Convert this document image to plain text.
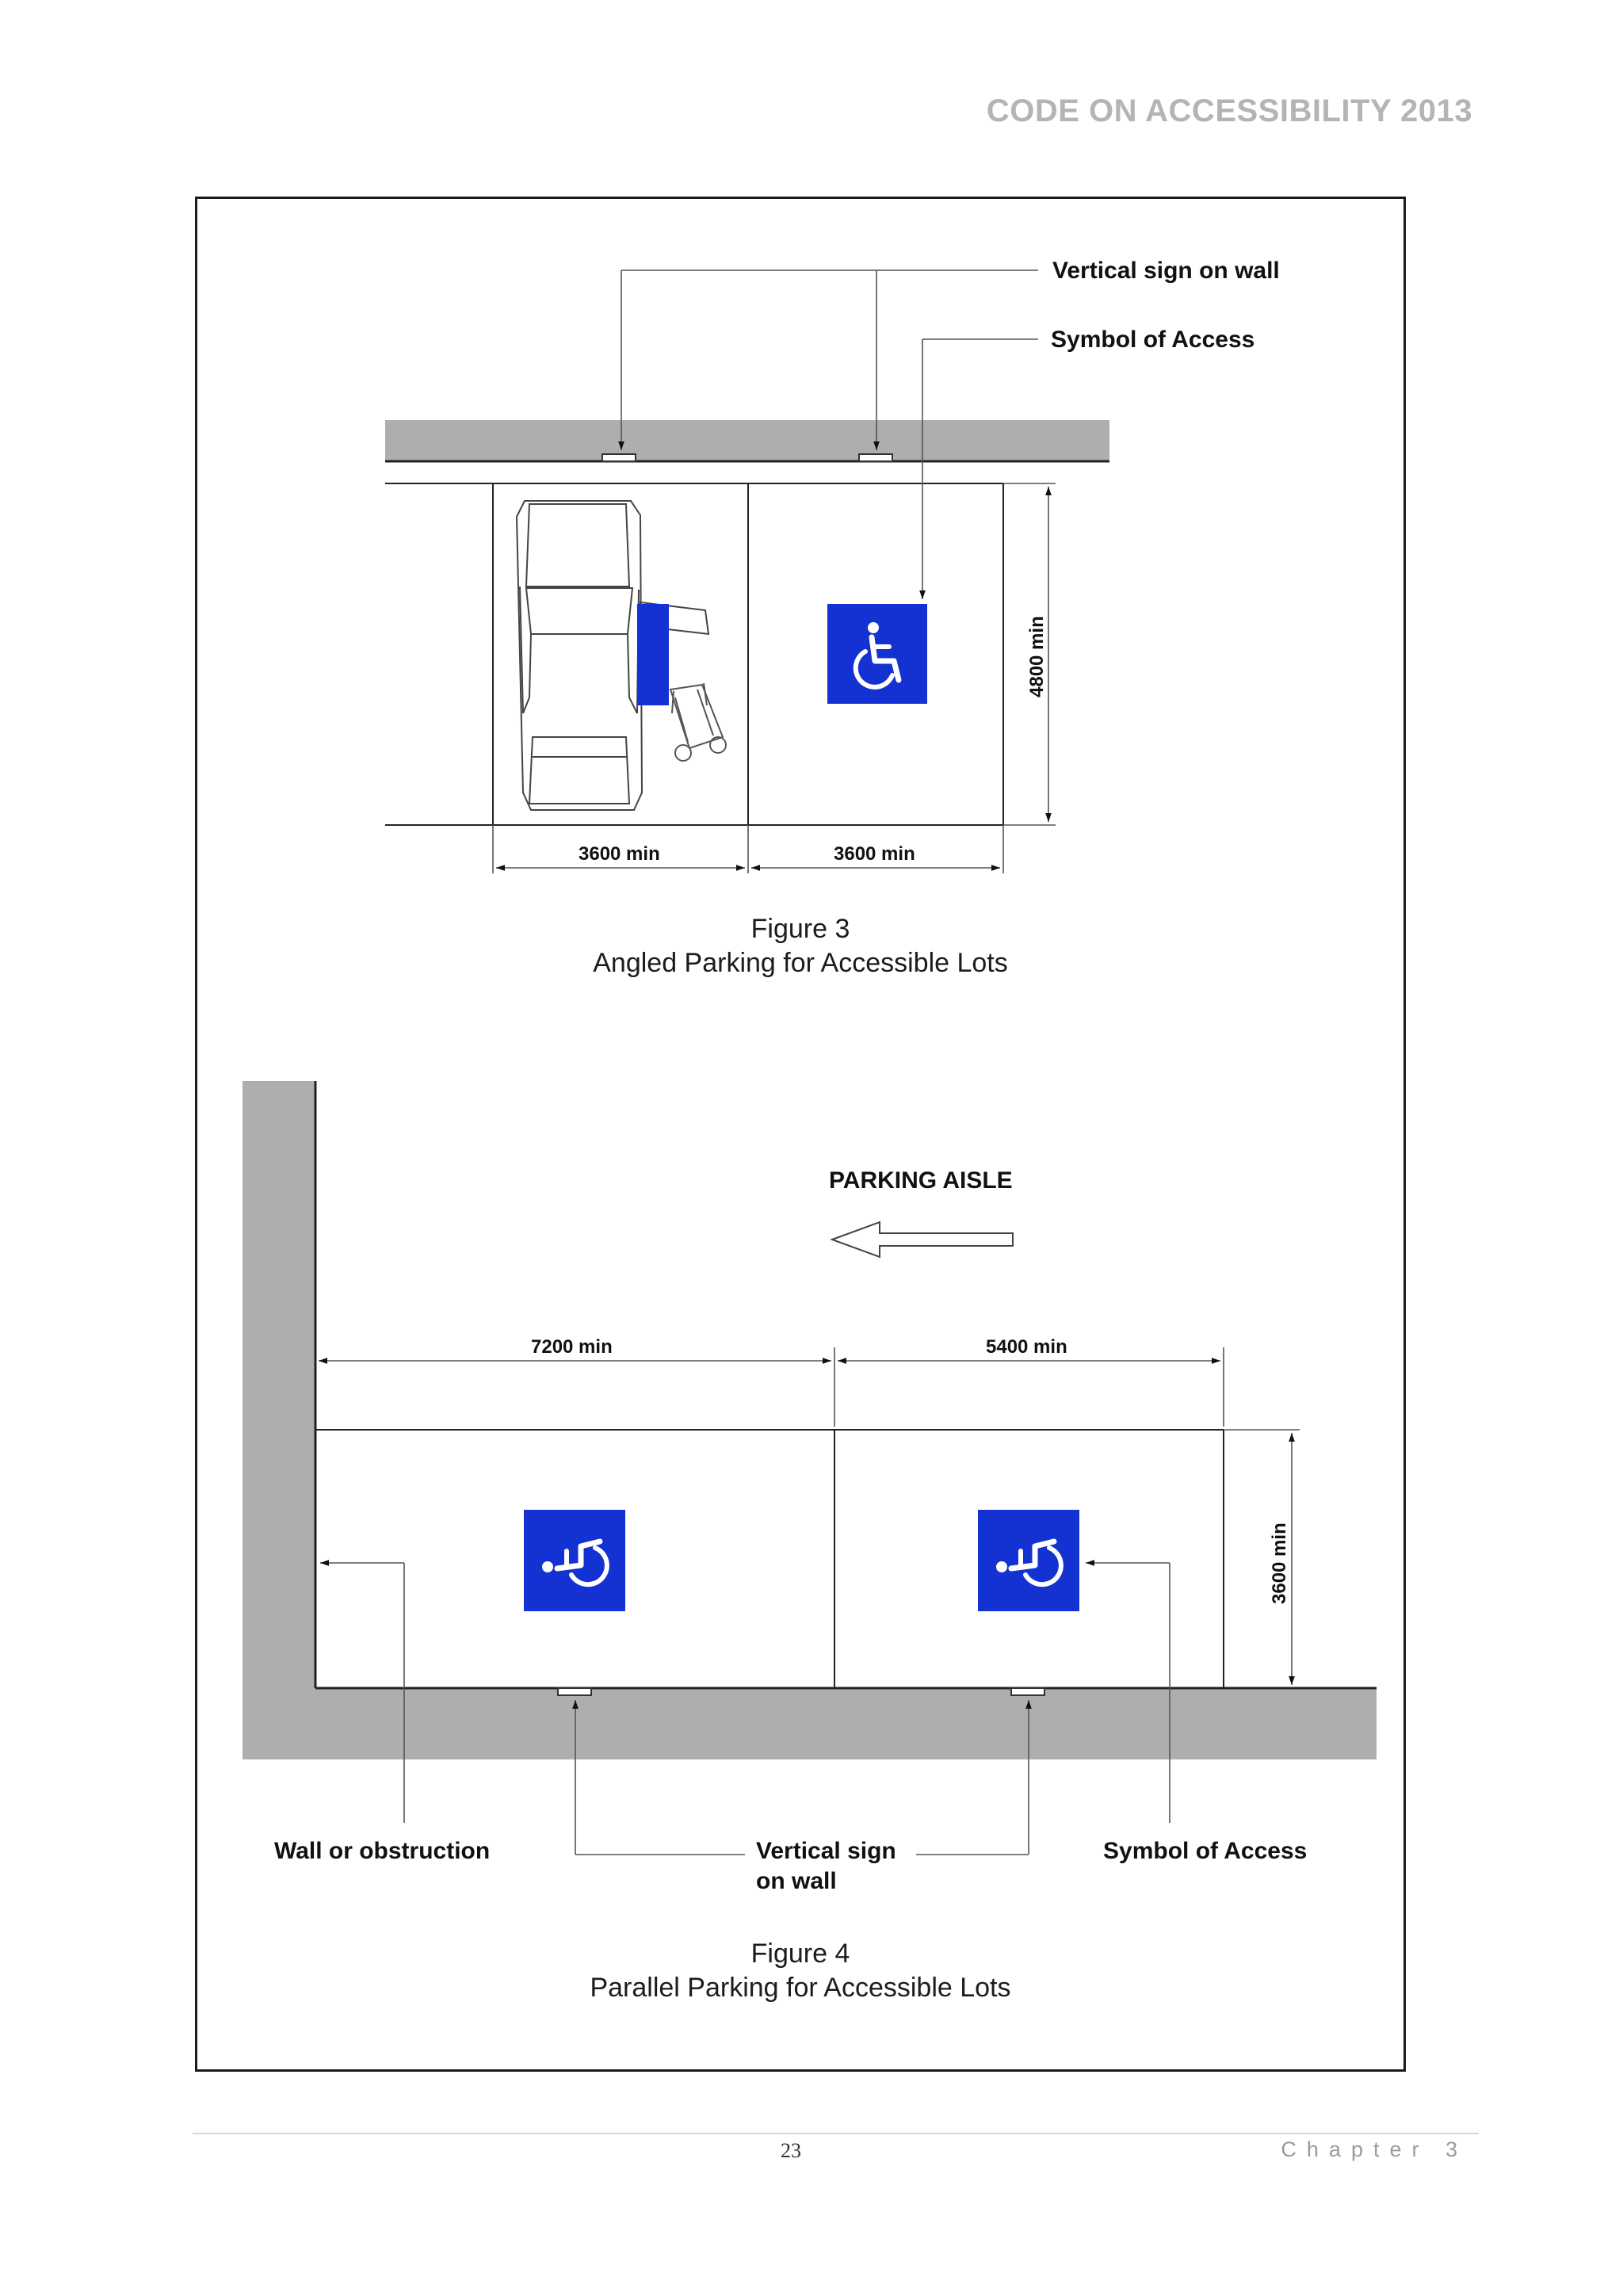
CODE ON ACCESSIBILITY 2013
Vertical sign on wall
Symbol of Access
4800 min
3600 min	3600 min
Figure 3
Angled Parking for Accessible Lots
PARKING AISLE
7200 min	5400 min
3600 min
Wall or obstruction	Vertical sign
on wall
Symbol of Access
Figure 4
Parallel Parking for Accessible Lots
23	Chapter 3
